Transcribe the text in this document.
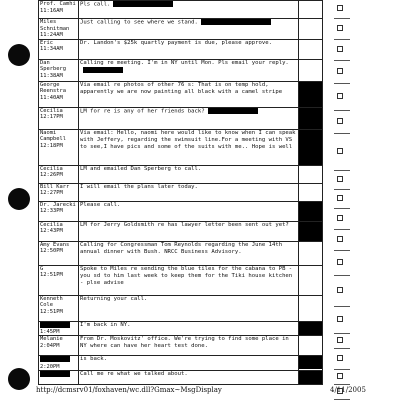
Prof. Camhi
11:16AM	Pls call.	

Miles Schnitman
11:24AM	Just calling to see where we stand.	

Eric
11:34AM	Dr. Landon's $25k quartly payment is due, please approve.	

Dan Sperberg
11:38AM	Calling re meeting. I'm in NY until Mon. Pls email your reply.	

George Reenstra
11:40AM	Via email re photos of other 76 s: That is on temp hold, apparently we are now painting all black with a camel stripe	

Cecilia
12:17PM	LM for re is any of her friends back?	

Naomi Campbell
12:18PM	Via email: Hello, naomi here would like to know when I can speak with Jeffery, regarding the swimsuit line.For a meeting with VS to see,I have pics and some of the suits with me.. Hope is well	

Cecilia
12:26PM	LM and emailed Dan Sperberg to call.	

Bill Karr
12:27PM	I will email the plans later today.	

Dr. Jarecki
12:33PM	Please call.	

Cecilia
12:43PM	LM for Jerry Goldsmith re has lawyer letter been sent out yet?	

Amy Evans
12:50PM	Calling for Congressman Tom Reynolds regarding the June 14th annual dinner with Bush. NRCC Business Advisory.	

G
12:51PM	Spoke to Miles re sending the blue tiles for the cabana to PB - you sd to him last week to keep them for the Tiki house kitchen - plse advise	

Kenneth Cole
12:51PM	Returning your call.	

1:45PM	I'm back in NY.	

Melanie
2:04PM	From Dr. Moskovitz' office. We're trying to find some place in NY where can have her heart test done.	

2:20PM	is back.	

	Call me re what we talked about.	
http://dcmsrv01/foxhaven/wc.dll?Gmax~MsgDisplay	4/11/2005
